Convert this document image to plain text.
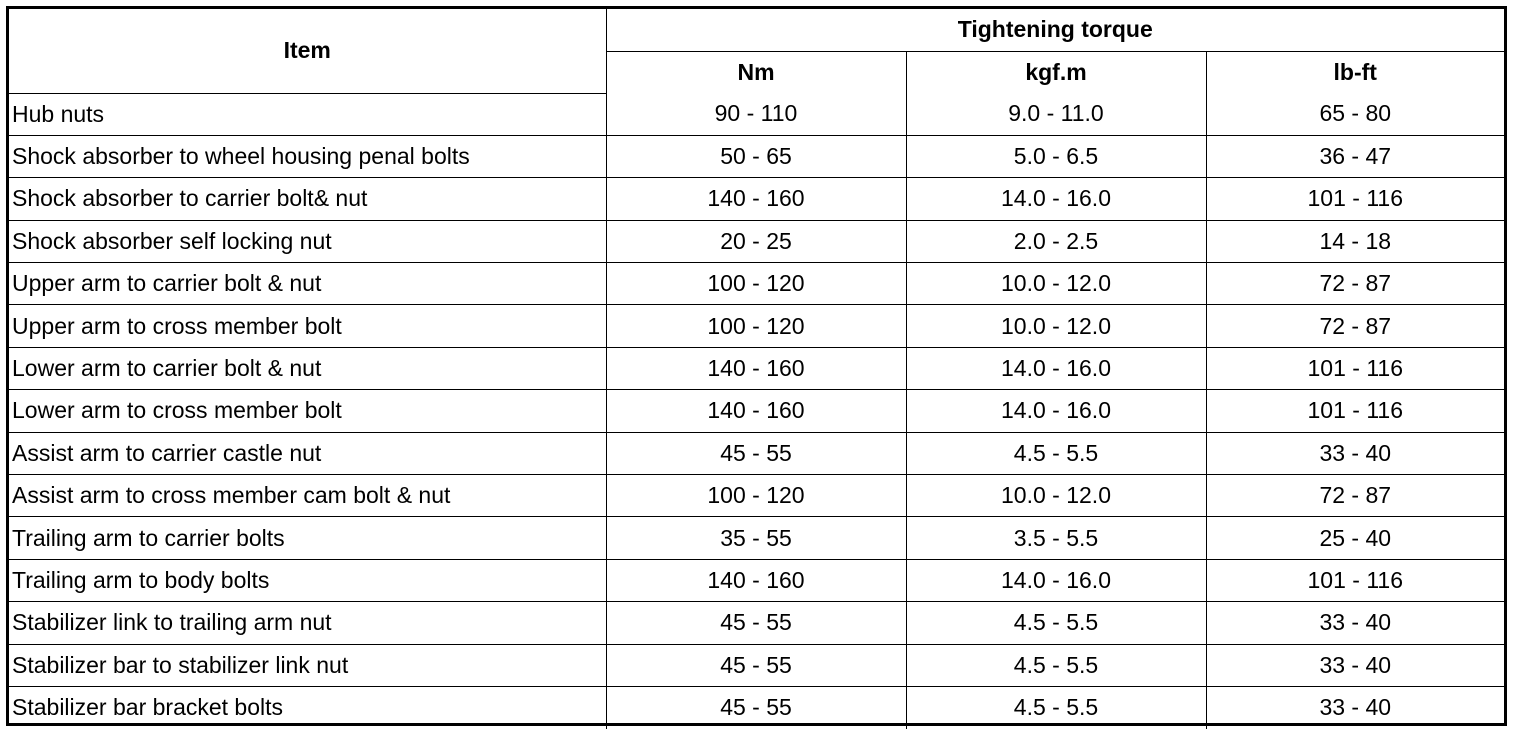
Item	Tightening torque		
	Nm	kgf.m	lb-ft
Hub nuts	90 - 110	9.0 - 11.0	65 - 80
Shock absorber to wheel housing penal bolts	50 - 65	5.0 - 6.5	36 - 47
Shock absorber to carrier bolt& nut	140 - 160	14.0 - 16.0	101 - 116
Shock absorber self locking nut	20 - 25	2.0 - 2.5	14 - 18
Upper arm to carrier bolt & nut	100 - 120	10.0 - 12.0	72 - 87
Upper arm to cross member bolt	100 - 120	10.0 - 12.0	72 - 87
Lower arm to carrier bolt & nut	140 - 160	14.0 - 16.0	101 - 116
Lower arm to cross member bolt	140 - 160	14.0 - 16.0	101 - 116
Assist arm to carrier castle nut	45 - 55	4.5 - 5.5	33 - 40
Assist arm to cross member cam bolt & nut	100 - 120	10.0 - 12.0	72 - 87
Trailing arm to carrier bolts	35 - 55	3.5 - 5.5	25 - 40
Trailing arm to body bolts	140 - 160	14.0 - 16.0	101 - 116
Stabilizer link to trailing arm nut	45 - 55	4.5 - 5.5	33 - 40
Stabilizer bar to stabilizer link nut	45 - 55	4.5 - 5.5	33 - 40
Stabilizer bar bracket bolts	45 - 55	4.5 - 5.5	33 - 40
